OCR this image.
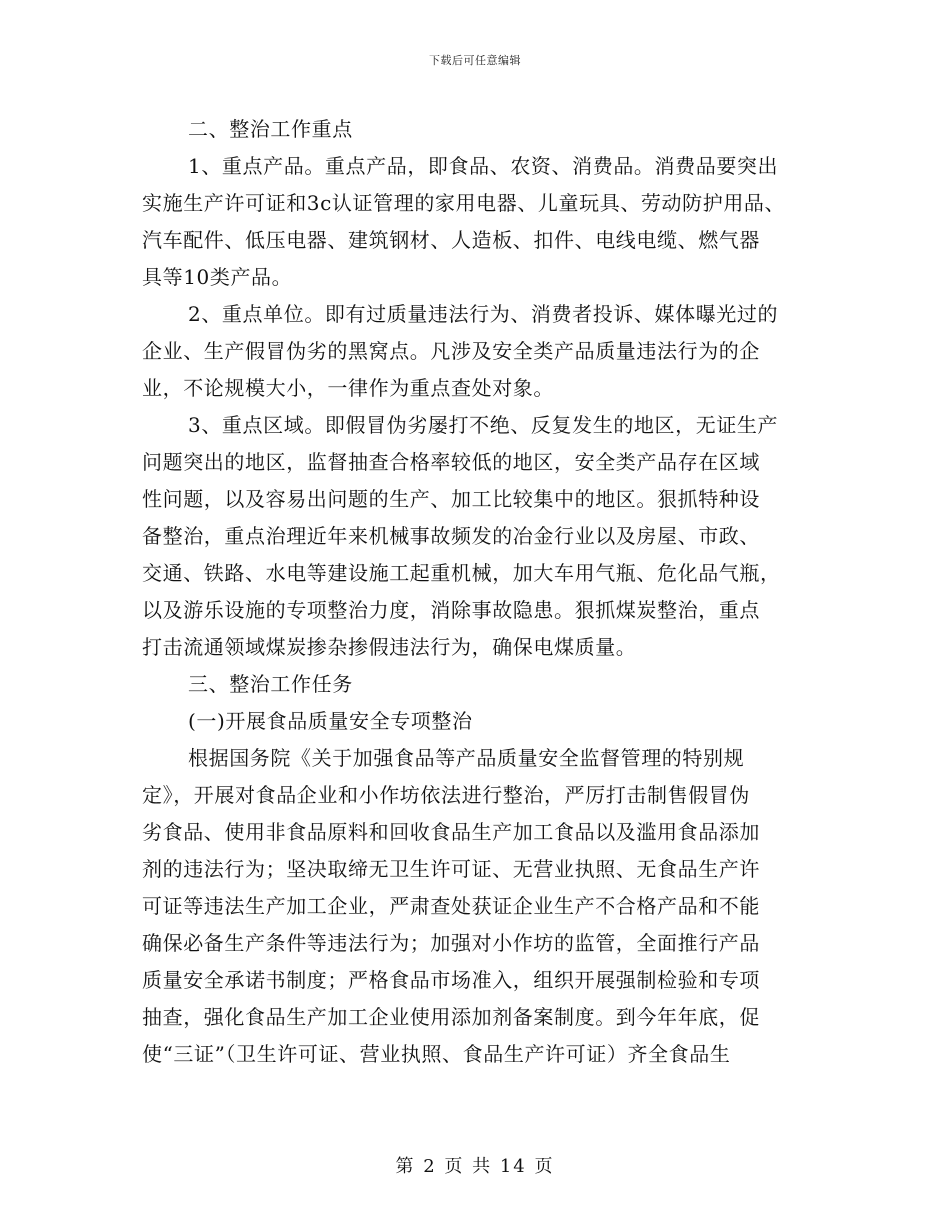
下载后可任意编辑
二、整治工作重点
1、重点产品。重点产品，即食品、农资、消费品。消费品要突出
实施生产许可证和3c认证管理的家用电器、儿童玩具、劳动防护用品、
汽车配件、低压电器、建筑钢材、人造板、扣件、电线电缆、燃气器
具等10类产品。
2、重点单位。即有过质量违法行为、消费者投诉、媒体曝光过的
企业、生产假冒伪劣的黑窝点。凡涉及安全类产品质量违法行为的企
业，不论规模大小，一律作为重点查处对象。
3、重点区域。即假冒伪劣屡打不绝、反复发生的地区，无证生产
问题突出的地区，监督抽查合格率较低的地区，安全类产品存在区域
性问题，以及容易出问题的生产、加工比较集中的地区。狠抓特种设
备整治，重点治理近年来机械事故频发的冶金行业以及房屋、市政、
交通、铁路、水电等建设施工起重机械，加大车用气瓶、危化品气瓶，
以及游乐设施的专项整治力度，消除事故隐患。狠抓煤炭整治，重点
打击流通领域煤炭掺杂掺假违法行为，确保电煤质量。
三、整治工作任务
(一)开展食品质量安全专项整治
根据国务院《关于加强食品等产品质量安全监督管理的特别规
定》，开展对食品企业和小作坊依法进行整治，严厉打击制售假冒伪
劣食品、使用非食品原料和回收食品生产加工食品以及滥用食品添加
剂的违法行为；坚决取缔无卫生许可证、无营业执照、无食品生产许
可证等违法生产加工企业，严肃查处获证企业生产不合格产品和不能
确保必备生产条件等违法行为；加强对小作坊的监管，全面推行产品
质量安全承诺书制度；严格食品市场准入，组织开展强制检验和专项
抽查，强化食品生产加工企业使用添加剂备案制度。到今年年底，促
使“三证”（卫生许可证、营业执照、食品生产许可证）齐全食品生
第 2 页 共 14 页
